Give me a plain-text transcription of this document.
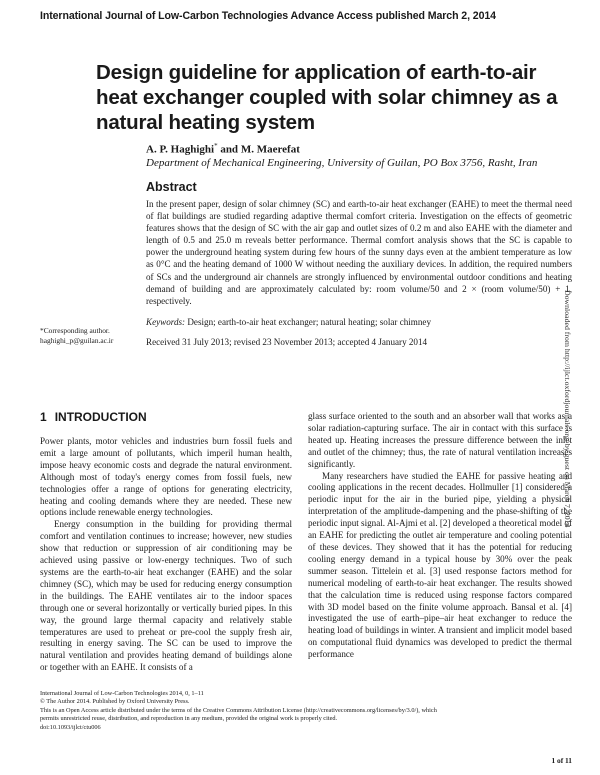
International Journal of Low-Carbon Technologies Advance Access published March 2, 2014
Design guideline for application of earth-to-air heat exchanger coupled with solar chimney as a natural heating system
A. P. Haghighi* and M. Maerefat
Department of Mechanical Engineering, University of Guilan, PO Box 3756, Rasht, Iran
Abstract
In the present paper, design of solar chimney (SC) and earth-to-air heat exchanger (EAHE) to meet the thermal need of flat buildings are studied regarding adaptive thermal comfort criteria. Investigation on the effects of geometric features shows that the design of SC with the air gap and outlet sizes of 0.2 m and also EAHE with the diameter and length of 0.5 and 25.0 m reveals better performance. Thermal comfort analysis shows that the SC is capable to power the underground heating system during few hours of the sunny days even at the ambient temperature as low as 0°C and the heating demand of 1000 W without needing the auxiliary devices. In addition, the required numbers of SCs and the underground air channels are strongly influenced by environmental outdoor conditions and heating demand of building and are approximately calculated by: room volume/50 and 2 × (room volume/50) + 1, respectively.
Keywords: Design; earth-to-air heat exchanger; natural heating; solar chimney
Received 31 July 2013; revised 23 November 2013; accepted 4 January 2014
*Corresponding author.
haghighi_p@guilan.ac.ir	Downloaded from http://ijlct.oxfordjournals.org/ by guest on March 7, 2014
1 INTRODUCTION

Power plants, motor vehicles and industries burn fossil fuels and emit a large amount of pollutants, which imperil human health, impose heavy economic costs and degrade the natural environment. Although most of today's energy comes from fossil fuels, new technologies offer a range of options for generating electricity, heating and cooling demands where they are needed. These new options include renewable energy technologies.

Energy consumption in the building for providing thermal comfort and ventilation continues to increase; however, new studies show that reduction or suppression of air conditioning may be achieved using passive or low-energy techniques. Two of such systems are the earth-to-air heat exchanger (EAHE) and the solar chimney (SC), which may be used for reducing energy consumption in the buildings. The EAHE ventilates air to the indoor spaces through one or several horizontally or vertically buried pipes. In this way, the ground large thermal capacity and relatively stable temperatures are used to preheat or pre-cool the supply fresh air, resulting in energy saving. The SC can be used to improve the natural ventilation and provides heating demand of buildings alone or together with an EAHE. It consists of a

glass surface oriented to the south and an absorber wall that works as a solar radiation-capturing surface. The air in contact with this surface is heated up. Heating increases the pressure difference between the inlet and outlet of the chimney; thus, the rate of natural ventilation increases significantly.

Many researchers have studied the EAHE for passive heating and cooling applications in the recent decades. Hollmuller [1] considered a periodic input for the air in the buried pipe, yielding a physical interpretation of the amplitude-dampening and the phase-shifting of the periodic input signal. Al-Ajmi et al. [2] developed a theoretical model of an EAHE for predicting the outlet air temperature and cooling potential of these devices. They showed that it has the potential for reducing cooling energy demand in a typical house by 30% over the peak summer season. Tittelein et al. [3] used response factors method for numerical modeling of earth-to-air heat exchanger. The results showed that the calculation time is reduced using response factors compared with 3D model based on the finite volume approach. Bansal et al. [4] investigated the use of earth–pipe–air heat exchanger to reduce the heating load of buildings in winter. A transient and implicit model based on computational fluid dynamics was developed to predict the thermal performance

International Journal of Low-Carbon Technologies 2014, 0, 1–11
© The Author 2014. Published by Oxford University Press.
This is an Open Access article distributed under the terms of the Creative Commons Attribution License (http://creativecommons.org/licenses/by/3.0/), which
permits unrestricted reuse, distribution, and reproduction in any medium, provided the original work is properly cited.
doi:10.1093/ijlct/ctu006
1 of 11
